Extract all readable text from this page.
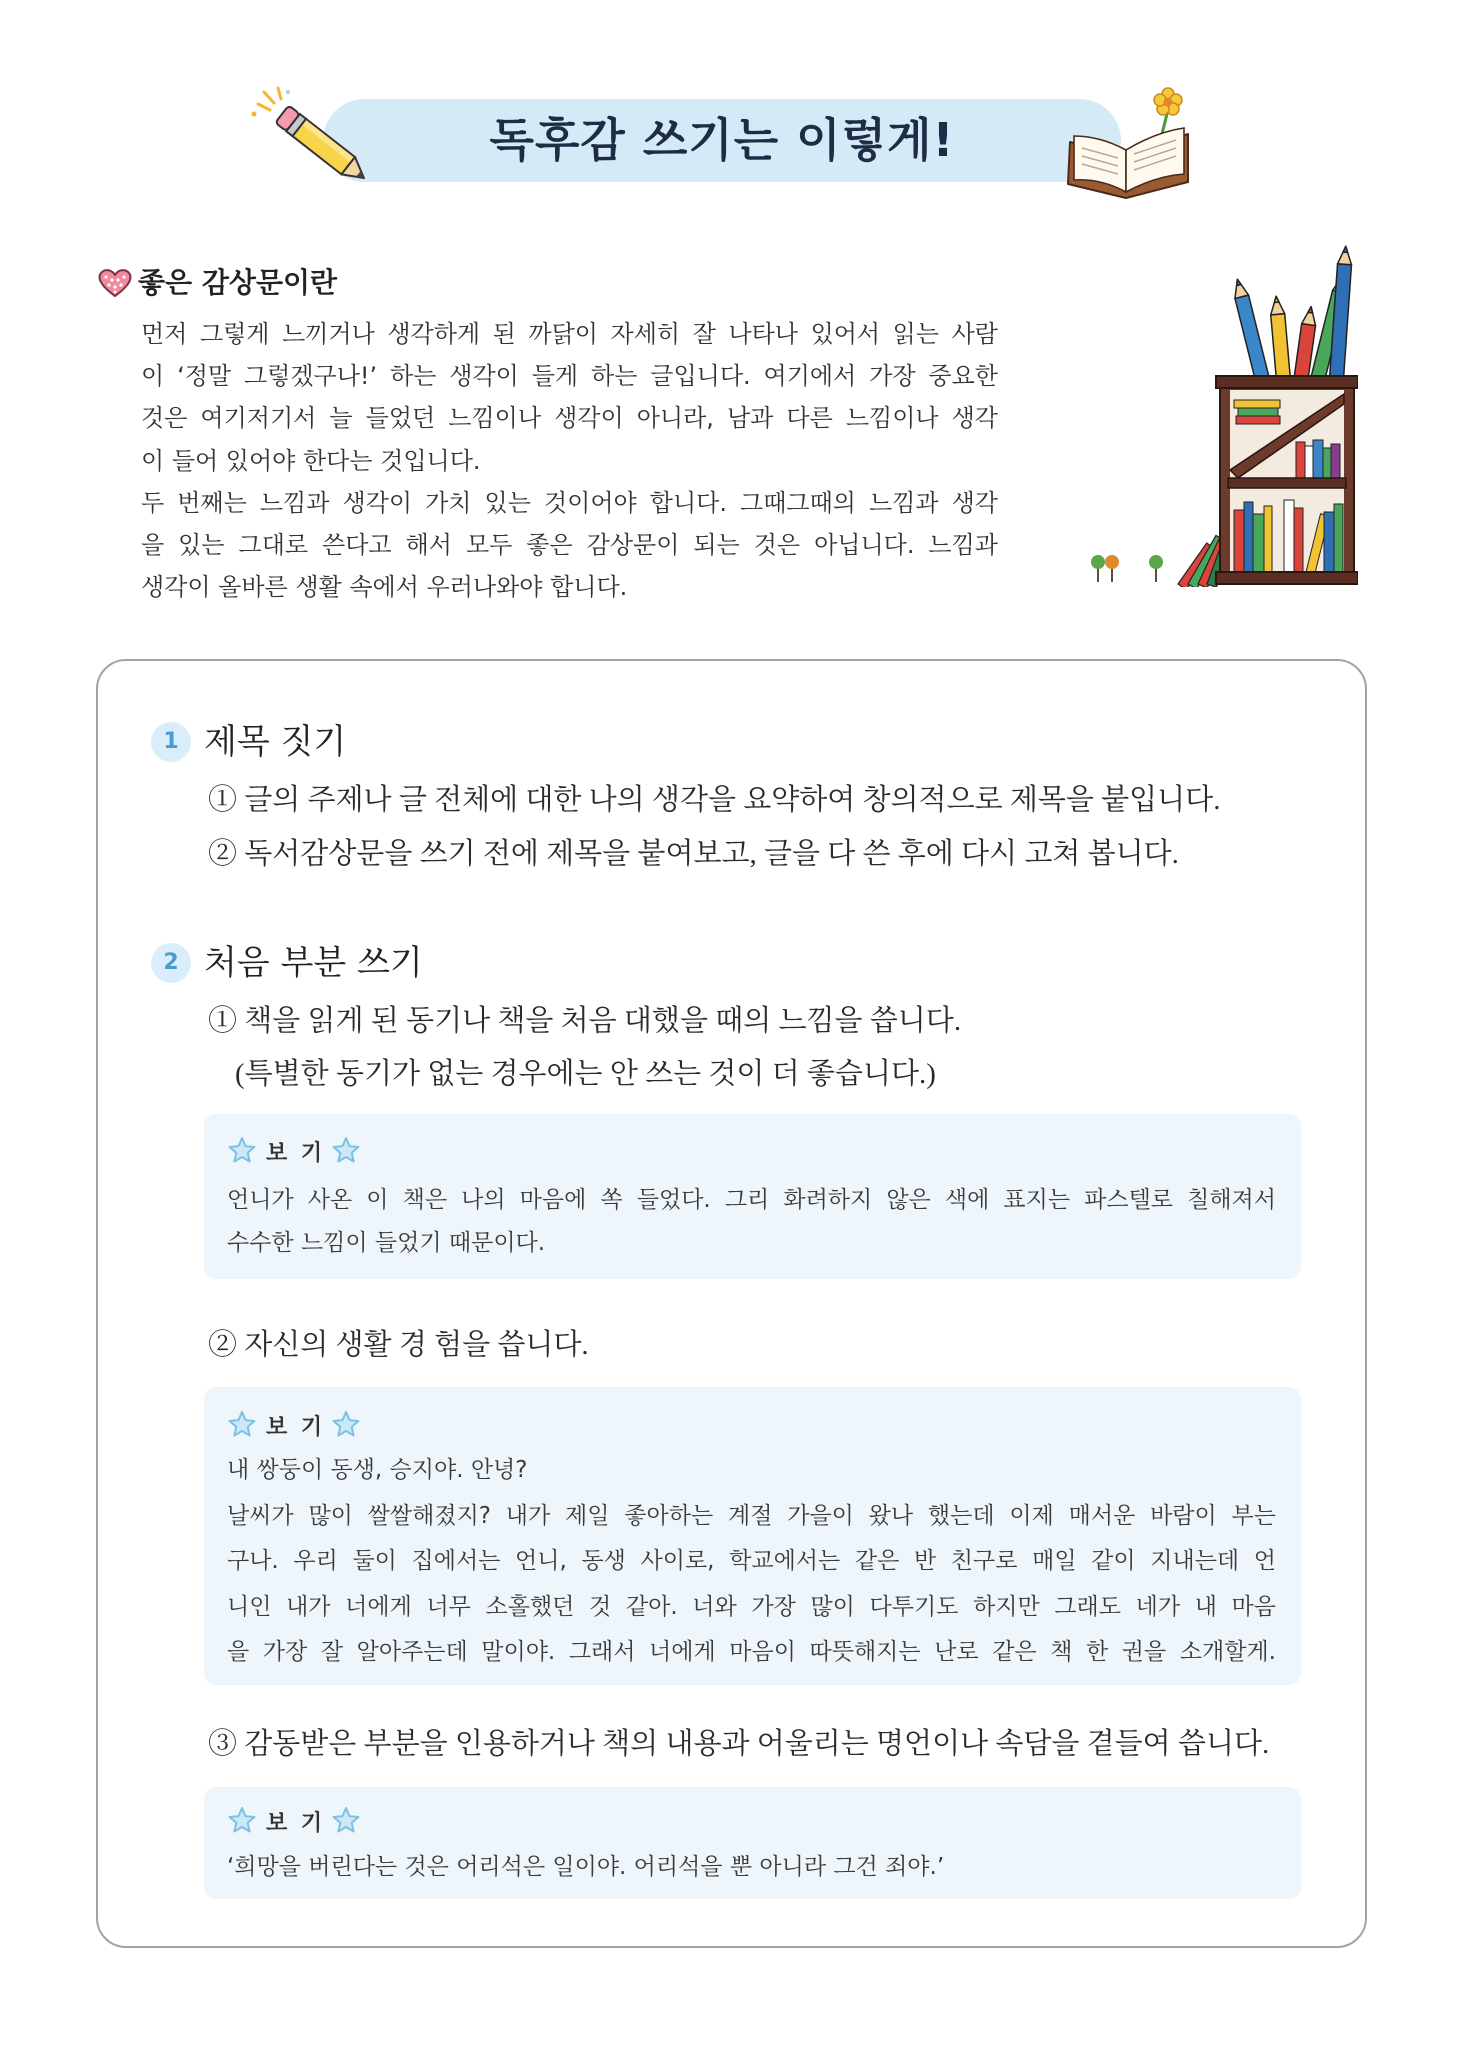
독후감 쓰기는 이렇게!
좋은 감상문이란
먼저 그렇게 느끼거나 생각하게 된 까닭이 자세히 잘 나타나 있어서 읽는 사람
이 ‘정말 그렇겠구나!’ 하는 생각이 들게 하는 글입니다. 여기에서 가장 중요한
것은 여기저기서 늘 들었던 느낌이나 생각이 아니라, 남과 다른 느낌이나 생각
이 들어 있어야 한다는 것입니다.
두 번째는 느낌과 생각이 가치 있는 것이어야 합니다. 그때그때의 느낌과 생각
을 있는 그대로 쓴다고 해서 모두 좋은 감상문이 되는 것은 아닙니다. 느낌과
생각이 올바른 생활 속에서 우러나와야 합니다.
1 제목 짓기
① 글의 주제나 글 전체에 대한 나의 생각을 요약하여 창의적으로 제목을 붙입니다.
② 독서감상문을 쓰기 전에 제목을 붙여보고, 글을 다 쓴 후에 다시 고쳐 봅니다.
2 처음 부분 쓰기
① 책을 읽게 된 동기나 책을 처음 대했을 때의 느낌을 씁니다.
(특별한 동기가 없는 경우에는 안 쓰는 것이 더 좋습니다.)
보 기
언니가 사온 이 책은 나의 마음에 쏙 들었다. 그리 화려하지 않은 색에 표지는 파스텔로 칠해져서
수수한 느낌이 들었기 때문이다.
② 자신의 생활 경 험을 씁니다.
보 기
내 쌍둥이 동생, 승지야. 안녕?
날씨가 많이 쌀쌀해졌지? 내가 제일 좋아하는 계절 가을이 왔나 했는데 이제 매서운 바람이 부는
구나. 우리 둘이 집에서는 언니, 동생 사이로, 학교에서는 같은 반 친구로 매일 같이 지내는데 언
니인 내가 너에게 너무 소홀했던 것 같아. 너와 가장 많이 다투기도 하지만 그래도 네가 내 마음
을 가장 잘 알아주는데 말이야. 그래서 너에게 마음이 따뜻해지는 난로 같은 책 한 권을 소개할게.
③ 감동받은 부분을 인용하거나 책의 내용과 어울리는 명언이나 속담을 곁들여 씁니다.
보 기
‘희망을 버린다는 것은 어리석은 일이야. 어리석을 뿐 아니라 그건 죄야.’
